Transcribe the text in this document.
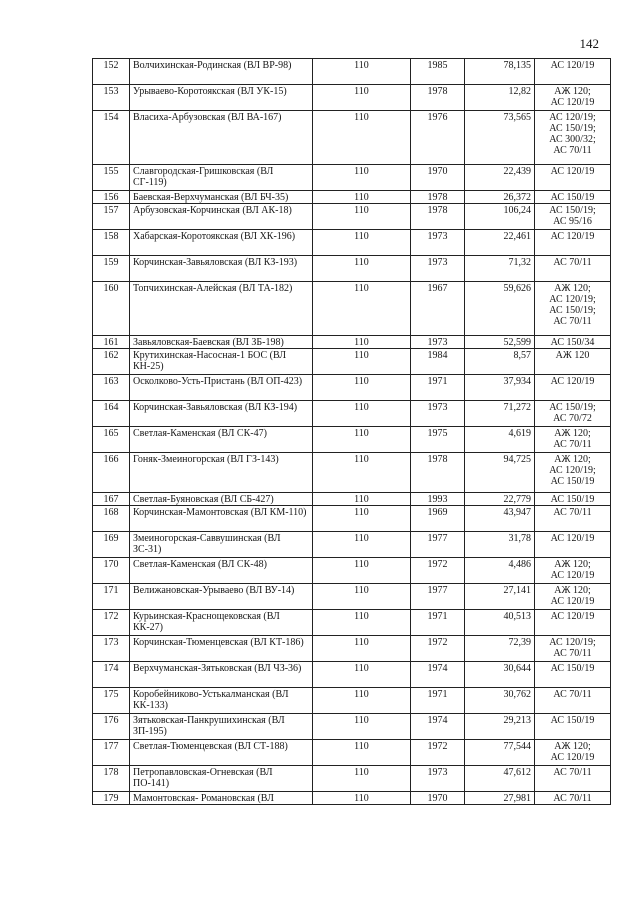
142
152	Волчихинская-Родинская (ВЛ ВР-98)	110	1985	78,135	АС 120/19

153	Урываево-Коротоякская (ВЛ УК-15)	110	1978	12,82	АЖ 120;
АС 120/19

154	Власиха-Арбузовская (ВЛ ВА-167)	110	1976	73,565	АС 120/19;
АС 150/19;
АС 300/32;
АС 70/11

155	Славгородская-Гришковская (ВЛ СГ-119)	110	1970	22,439	АС 120/19

156	Баевская-Верхчуманская (ВЛ БЧ-35)	110	1978	26,372	АС 150/19

157	Арбузовская-Корчинская (ВЛ АК-18)	110	1978	106,24	АС 150/19;
АС 95/16

158	Хабарская-Коротоякская (ВЛ ХК-196)	110	1973	22,461	АС 120/19

159	Корчинская-Завьяловская (ВЛ КЗ-193)	110	1973	71,32	АС 70/11

160	Топчихинская-Алейская (ВЛ ТА-182)	110	1967	59,626	АЖ 120;
АС 120/19;
АС 150/19;
АС 70/11

161	Завьяловская-Баевская (ВЛ ЗБ-198)	110	1973	52,599	АС 150/34

162	Крутихинская-Насосная-1 БОС (ВЛ КН-25)	110	1984	8,57	АЖ 120

163	Осколково-Усть-Пристань (ВЛ ОП-423)	110	1971	37,934	АС 120/19

164	Корчинская-Завьяловская (ВЛ КЗ-194)	110	1973	71,272	АС 150/19;
АС 70/72

165	Светлая-Каменская (ВЛ СК-47)	110	1975	4,619	АЖ 120;
АС 70/11

166	Гоняк-Змеиногорская (ВЛ ГЗ-143)	110	1978	94,725	АЖ 120;
АС 120/19;
АС 150/19

167	Светлая-Буяновская (ВЛ СБ-427)	110	1993	22,779	АС 150/19

168	Корчинская-Мамонтовская (ВЛ КМ-110)	110	1969	43,947	АС 70/11

169	Змеиногорская-Саввушинская (ВЛ ЗС-31)	110	1977	31,78	АС 120/19

170	Светлая-Каменская (ВЛ СК-48)	110	1972	4,486	АЖ 120;
АС 120/19

171	Велижановская-Урываево (ВЛ ВУ-14)	110	1977	27,141	АЖ 120;
АС 120/19

172	Курьинская-Краснощековская (ВЛ КК-27)	110	1971	40,513	АС 120/19

173	Корчинская-Тюменцевская (ВЛ КТ-186)	110	1972	72,39	АС 120/19;
АС 70/11

174	Верхчуманская-Зятьковская (ВЛ ЧЗ-36)	110	1974	30,644	АС 150/19

175	Коробейниково-Устькалманская (ВЛ КК-133)	110	1971	30,762	АС 70/11

176	Зятьковская-Панкрушихинская (ВЛ ЗП-195)	110	1974	29,213	АС 150/19

177	Светлая-Тюменцевская (ВЛ СТ-188)	110	1972	77,544	АЖ 120;
АС 120/19

178	Петропавловская-Огневская (ВЛ ПО-141)	110	1973	47,612	АС 70/11

179	Мамонтовская- Романовская (ВЛ	110	1970	27,981	АС 70/11
